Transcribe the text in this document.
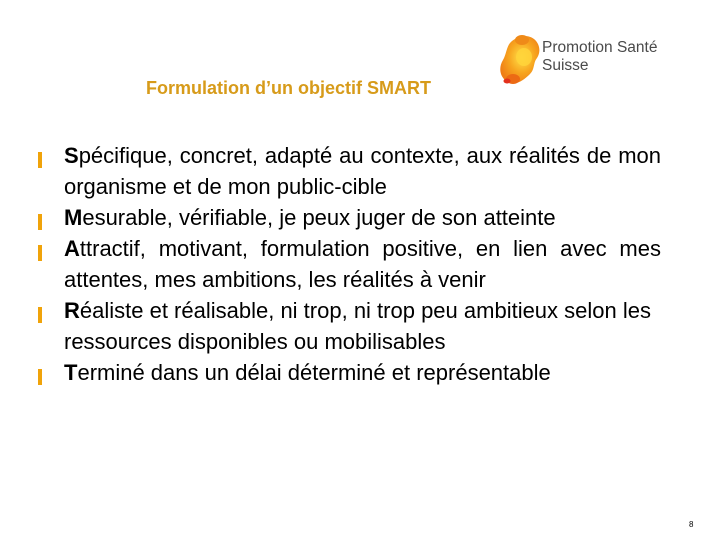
Promotion Santé
Suisse
Formulation d’un objectif SMART
Spécifique, concret, adapté au contexte, aux réalités de mon organisme et de mon public-cible
Mesurable, vérifiable, je peux juger de son atteinte
Attractif, motivant, formulation positive, en lien avec mes attentes, mes ambitions, les réalités à venir
Réaliste et réalisable, ni trop, ni trop peu ambitieux selon les ressources disponibles ou mobilisables
Terminé dans un délai déterminé et représentable
8
